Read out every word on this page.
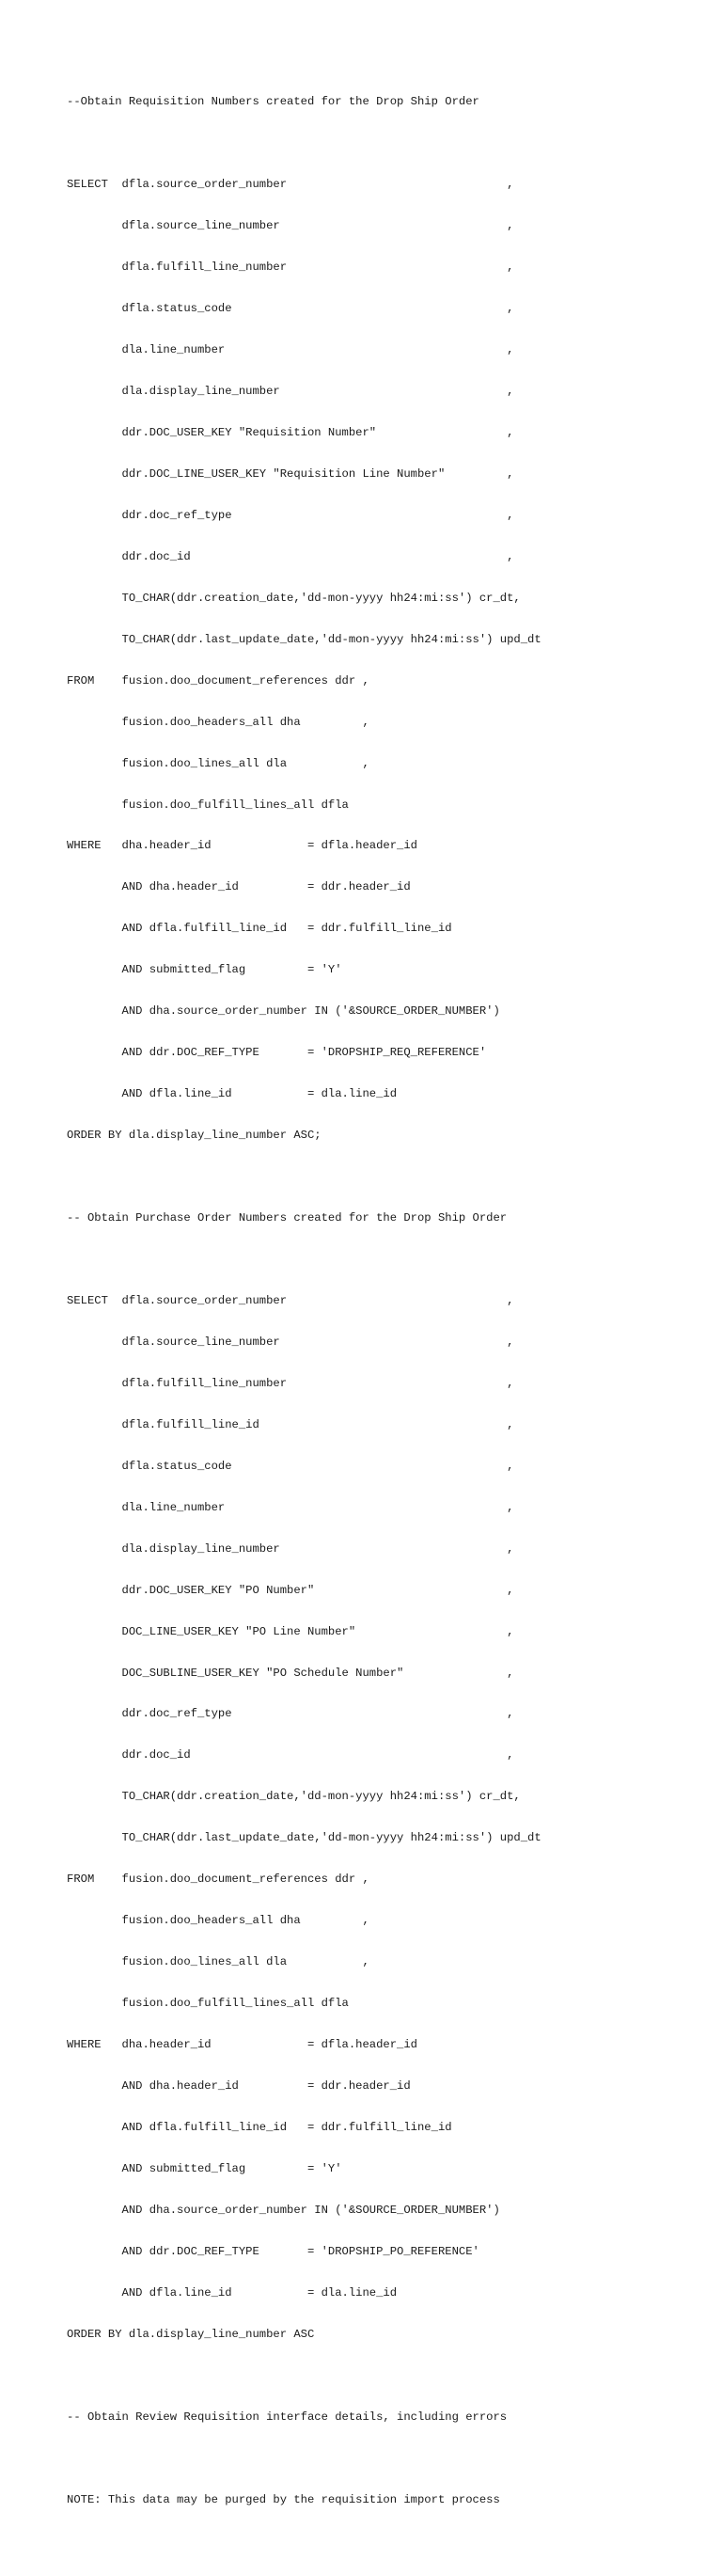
--Obtain Requisition Numbers created for the Drop Ship Order

SELECT  dfla.source_order_number                                ,

dfla.source_line_number                                 ,

dfla.fulfill_line_number                                ,

dfla.status_code                                        ,

dla.line_number                                         ,

dla.display_line_number                                 ,

ddr.DOC_USER_KEY "Requisition Number"                   ,

ddr.DOC_LINE_USER_KEY "Requisition Line Number"         ,

ddr.doc_ref_type                                        ,

ddr.doc_id                                              ,

TO_CHAR(ddr.creation_date,'dd-mon-yyyy hh24:mi:ss') cr_dt,

TO_CHAR(ddr.last_update_date,'dd-mon-yyyy hh24:mi:ss') upd_dt

FROM    fusion.doo_document_references ddr ,

fusion.doo_headers_all dha         ,

fusion.doo_lines_all dla           ,

fusion.doo_fulfill_lines_all dfla

WHERE   dha.header_id              = dfla.header_id

AND dha.header_id          = ddr.header_id

AND dfla.fulfill_line_id   = ddr.fulfill_line_id

AND submitted_flag         = 'Y'

AND dha.source_order_number IN ('&SOURCE_ORDER_NUMBER')

AND ddr.DOC_REF_TYPE       = 'DROPSHIP_REQ_REFERENCE'

AND dfla.line_id           = dla.line_id

ORDER BY dla.display_line_number ASC;

-- Obtain Purchase Order Numbers created for the Drop Ship Order

SELECT  dfla.source_order_number                                ,

dfla.source_line_number                                 ,

dfla.fulfill_line_number                                ,

dfla.fulfill_line_id                                    ,

dfla.status_code                                        ,

dla.line_number                                         ,

dla.display_line_number                                 ,

ddr.DOC_USER_KEY "PO Number"                            ,

DOC_LINE_USER_KEY "PO Line Number"                      ,

DOC_SUBLINE_USER_KEY "PO Schedule Number"               ,

ddr.doc_ref_type                                        ,

ddr.doc_id                                              ,

TO_CHAR(ddr.creation_date,'dd-mon-yyyy hh24:mi:ss') cr_dt,

TO_CHAR(ddr.last_update_date,'dd-mon-yyyy hh24:mi:ss') upd_dt

FROM    fusion.doo_document_references ddr ,

fusion.doo_headers_all dha         ,

fusion.doo_lines_all dla           ,

fusion.doo_fulfill_lines_all dfla

WHERE   dha.header_id              = dfla.header_id

AND dha.header_id          = ddr.header_id

AND dfla.fulfill_line_id   = ddr.fulfill_line_id

AND submitted_flag         = 'Y'

AND dha.source_order_number IN ('&SOURCE_ORDER_NUMBER')

AND ddr.DOC_REF_TYPE       = 'DROPSHIP_PO_REFERENCE'

AND dfla.line_id           = dla.line_id

ORDER BY dla.display_line_number ASC

-- Obtain Review Requisition interface details, including errors

NOTE: This data may be purged by the requisition import process
